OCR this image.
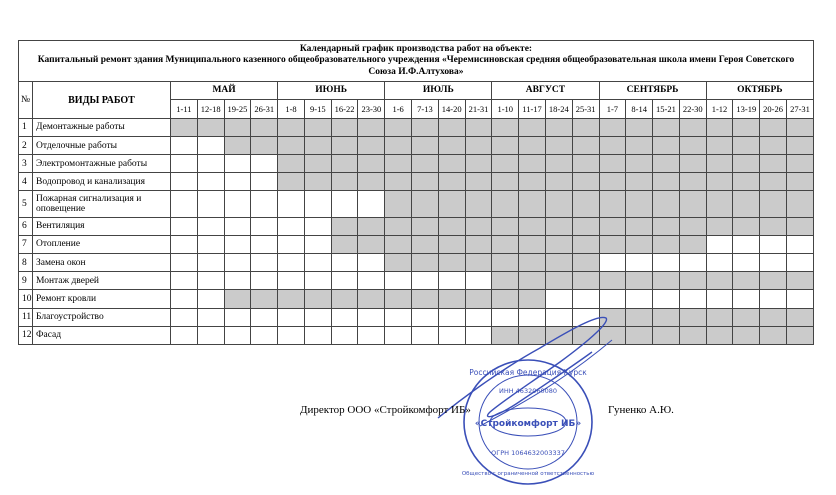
Календарный график производства работ на объекте:
Капитальный ремонт здания Муниципального казенного общеобразовательного учреждения «Черемисиновская средняя общеобразовательная школа имени Героя Советского Союза И.Ф.Алтухова»																									

№	ВИДЫ РАБОТ	МАЙ				ИЮНЬ				ИЮЛЬ				АВГУСТ				СЕНТЯБРЬ				ОКТЯБРЬ			
		1-11	12-18	19-25	26-31	1-8	9-15	16-22	23-30	1-6	7-13	14-20	21-31	1-10	11-17	18-24	25-31	1-7	8-14	15-21	22-30	1-12	13-19	20-26	27-31
1	Демонтажные работы																								
2	Отделочные работы																								
3	Электромонтажные работы																								
4	Водопровод и канализация																								
5	Пожарная сигнализация и оповещение																								
6	Вентиляция																								
7	Отопление																								
8	Замена окон																								
9	Монтаж дверей																								
10	Ремонт кровли																								
11	Благоустройство																								
12	Фасад																								
Российская Федерация Курск
ИНН 4632060080
«Стройкомфорт ИБ»
ОГРН 1064632003337
Общество с ограниченной ответственностью
Директор ООО «Стройкомфорт ИБ»	Гуненко А.Ю.
